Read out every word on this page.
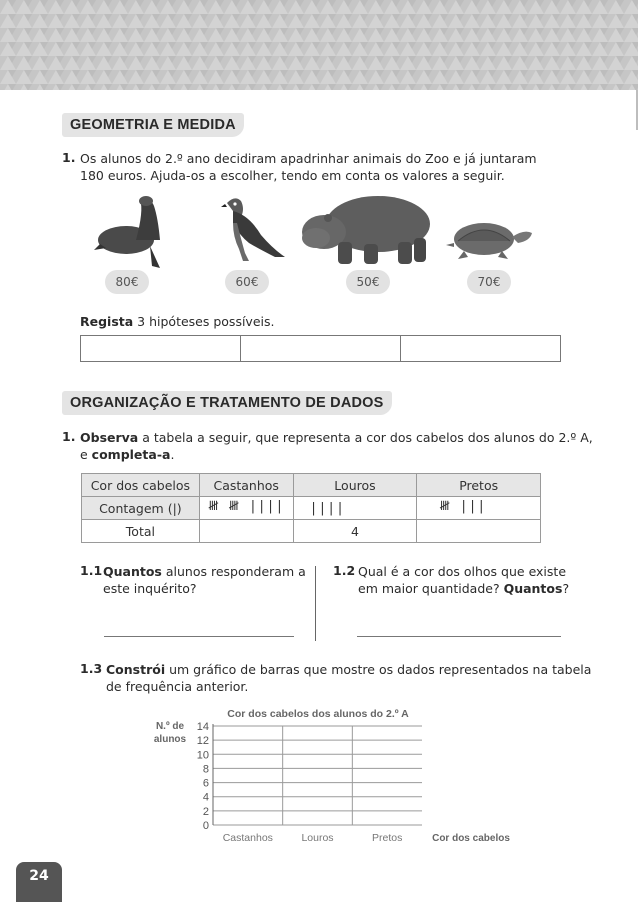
GEOMETRIA E MEDIDA
1. Os alunos do 2.º ano decidiram apadrinhar animais do Zoo e já juntaram
180 euros. Ajuda-os a escolher, tendo em conta os valores a seguir.
80€	60€	50€	70€
Regista 3 hipóteses possíveis.
ORGANIZAÇÃO E TRATAMENTO DE DADOS
1. Observa a tabela a seguir, que representa a cor dos cabelos dos alunos do 2.º A,
e completa-a.
Cor dos cabelos	Castanhos	Louros	Pretos
Contagem (|)	𝍸 𝍸 ||||	||||	𝍸 |||
Total		4	
1.1 Quantos alunos responderam a
este inquérito?
1.2 Qual é a cor dos olhos que existe
em maior quantidade? Quantos?
1.3 Constrói um gráfico de barras que mostre os dados representados na tabela
de frequência anterior.
Cor dos cabelos dos alunos do 2.º A
N.º de
alunos
0
2
4
6
8
10
12
14
Castanhos	Louros	Pretos	Cor dos cabelos
24
